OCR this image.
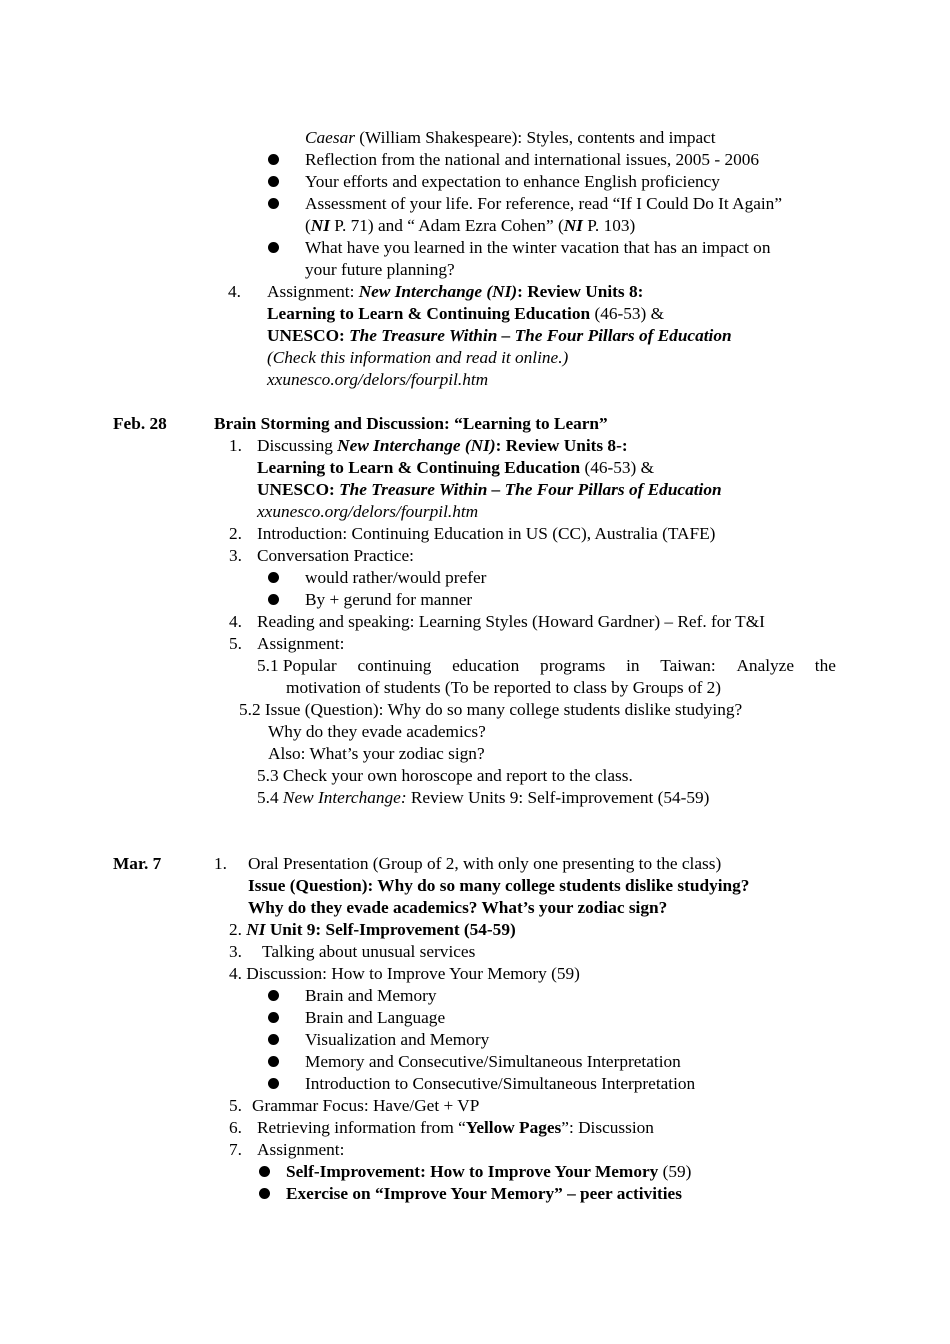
Caesar (William Shakespeare): Styles, contents and impact
Reflection from the national and international issues, 2005 - 2006
Your efforts and expectation to enhance English proficiency
Assessment of your life. For reference, read “If I Could Do It Again”
(NI P. 71) and “ Adam Ezra Cohen” (NI P. 103)
What have you learned in the winter vacation that has an impact on
your future planning?
4. Assignment: New Interchange (NI): Review Units 8:
Learning to Learn & Continuing Education (46-53) &
UNESCO: The Treasure Within – The Four Pillars of Education
(Check this information and read it online.)
xxunesco.org/delors/fourpil.htm
Feb. 28	Brain Storming and Discussion: “Learning to Learn”
1. Discussing New Interchange (NI): Review Units 8-:
Learning to Learn & Continuing Education (46-53) &
UNESCO: The Treasure Within – The Four Pillars of Education
xxunesco.org/delors/fourpil.htm
2. Introduction: Continuing Education in US (CC), Australia (TAFE)
3. Conversation Practice:
would rather/would prefer
By + gerund for manner
4. Reading and speaking: Learning Styles (Howard Gardner) – Ref. for T&I
5. Assignment:
5.1 Popular continuing education programs in Taiwan: Analyze the
motivation of students (To be reported to class by Groups of 2)
5.2 Issue (Question): Why do so many college students dislike studying?
Why do they evade academics?
Also: What’s your zodiac sign?
5.3 Check your own horoscope and report to the class.
5.4 New Interchange: Review Units 9: Self-improvement (54-59)
Mar. 7	1. Oral Presentation (Group of 2, with only one presenting to the class)
Issue (Question): Why do so many college students dislike studying?
Why do they evade academics? What’s your zodiac sign?
2. NI Unit 9: Self-Improvement (54-59)
3. Talking about unusual services
4. Discussion: How to Improve Your Memory (59)
Brain and Memory
Brain and Language
Visualization and Memory
Memory and Consecutive/Simultaneous Interpretation
Introduction to Consecutive/Simultaneous Interpretation
5. Grammar Focus: Have/Get + VP
6. Retrieving information from “Yellow Pages”: Discussion
7. Assignment:
Self-Improvement: How to Improve Your Memory (59)
Exercise on “Improve Your Memory” – peer activities
